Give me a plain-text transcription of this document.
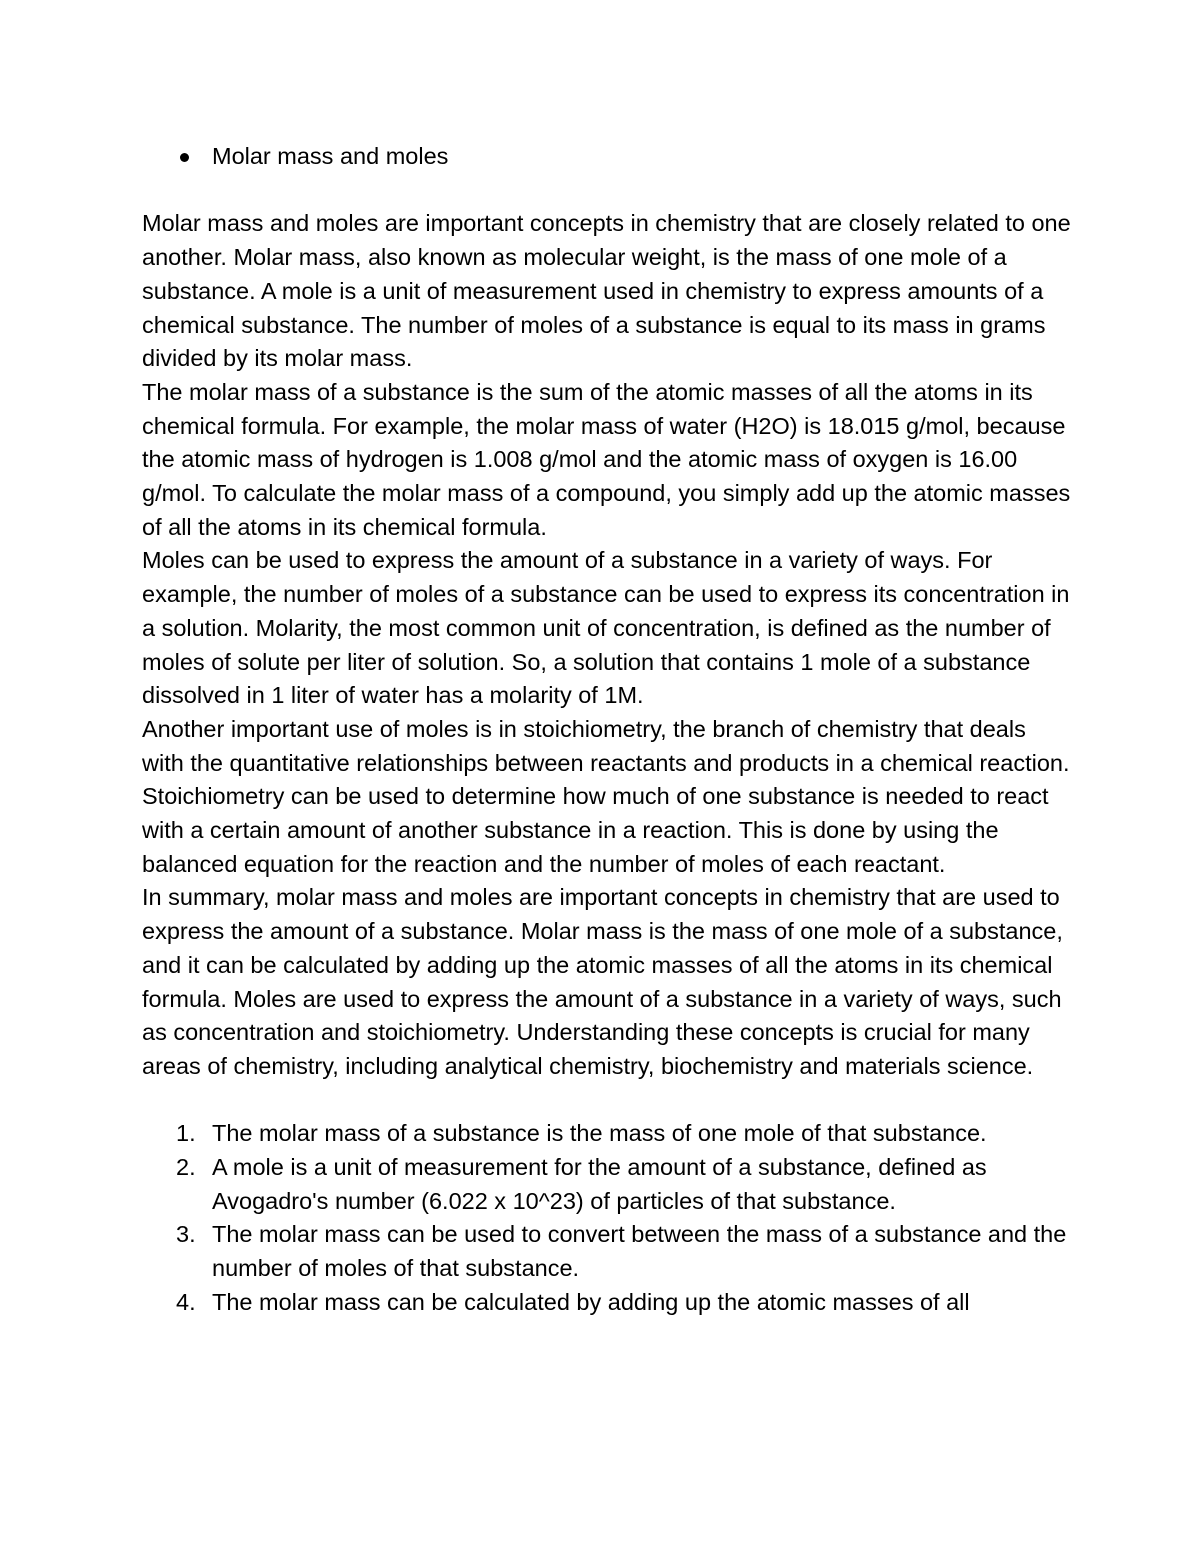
Molar mass and moles

Molar mass and moles are important concepts in chemistry that are closely related to one another. Molar mass, also known as molecular weight, is the mass of one mole of a substance. A mole is a unit of measurement used in chemistry to express amounts of a chemical substance. The number of moles of a substance is equal to its mass in grams divided by its molar mass.

The molar mass of a substance is the sum of the atomic masses of all the atoms in its chemical formula. For example, the molar mass of water (H2O) is 18.015 g/mol, because the atomic mass of hydrogen is 1.008 g/mol and the atomic mass of oxygen is 16.00 g/mol. To calculate the molar mass of a compound, you simply add up the atomic masses of all the atoms in its chemical formula.

Moles can be used to express the amount of a substance in a variety of ways. For example, the number of moles of a substance can be used to express its concentration in a solution. Molarity, the most common unit of concentration, is defined as the number of moles of solute per liter of solution. So, a solution that contains 1 mole of a substance dissolved in 1 liter of water has a molarity of 1M.

Another important use of moles is in stoichiometry, the branch of chemistry that deals with the quantitative relationships between reactants and products in a chemical reaction. Stoichiometry can be used to determine how much of one substance is needed to react with a certain amount of another substance in a reaction. This is done by using the balanced equation for the reaction and the number of moles of each reactant.

In summary, molar mass and moles are important concepts in chemistry that are used to express the amount of a substance. Molar mass is the mass of one mole of a substance, and it can be calculated by adding up the atomic masses of all the atoms in its chemical formula. Moles are used to express the amount of a substance in a variety of ways, such as concentration and stoichiometry. Understanding these concepts is crucial for many areas of chemistry, including analytical chemistry, biochemistry and materials science.

1. The molar mass of a substance is the mass of one mole of that substance.
2. A mole is a unit of measurement for the amount of a substance, defined as Avogadro's number (6.022 x 10^23) of particles of that substance.
3. The molar mass can be used to convert between the mass of a substance and the number of moles of that substance.
4. The molar mass can be calculated by adding up the atomic masses of all
